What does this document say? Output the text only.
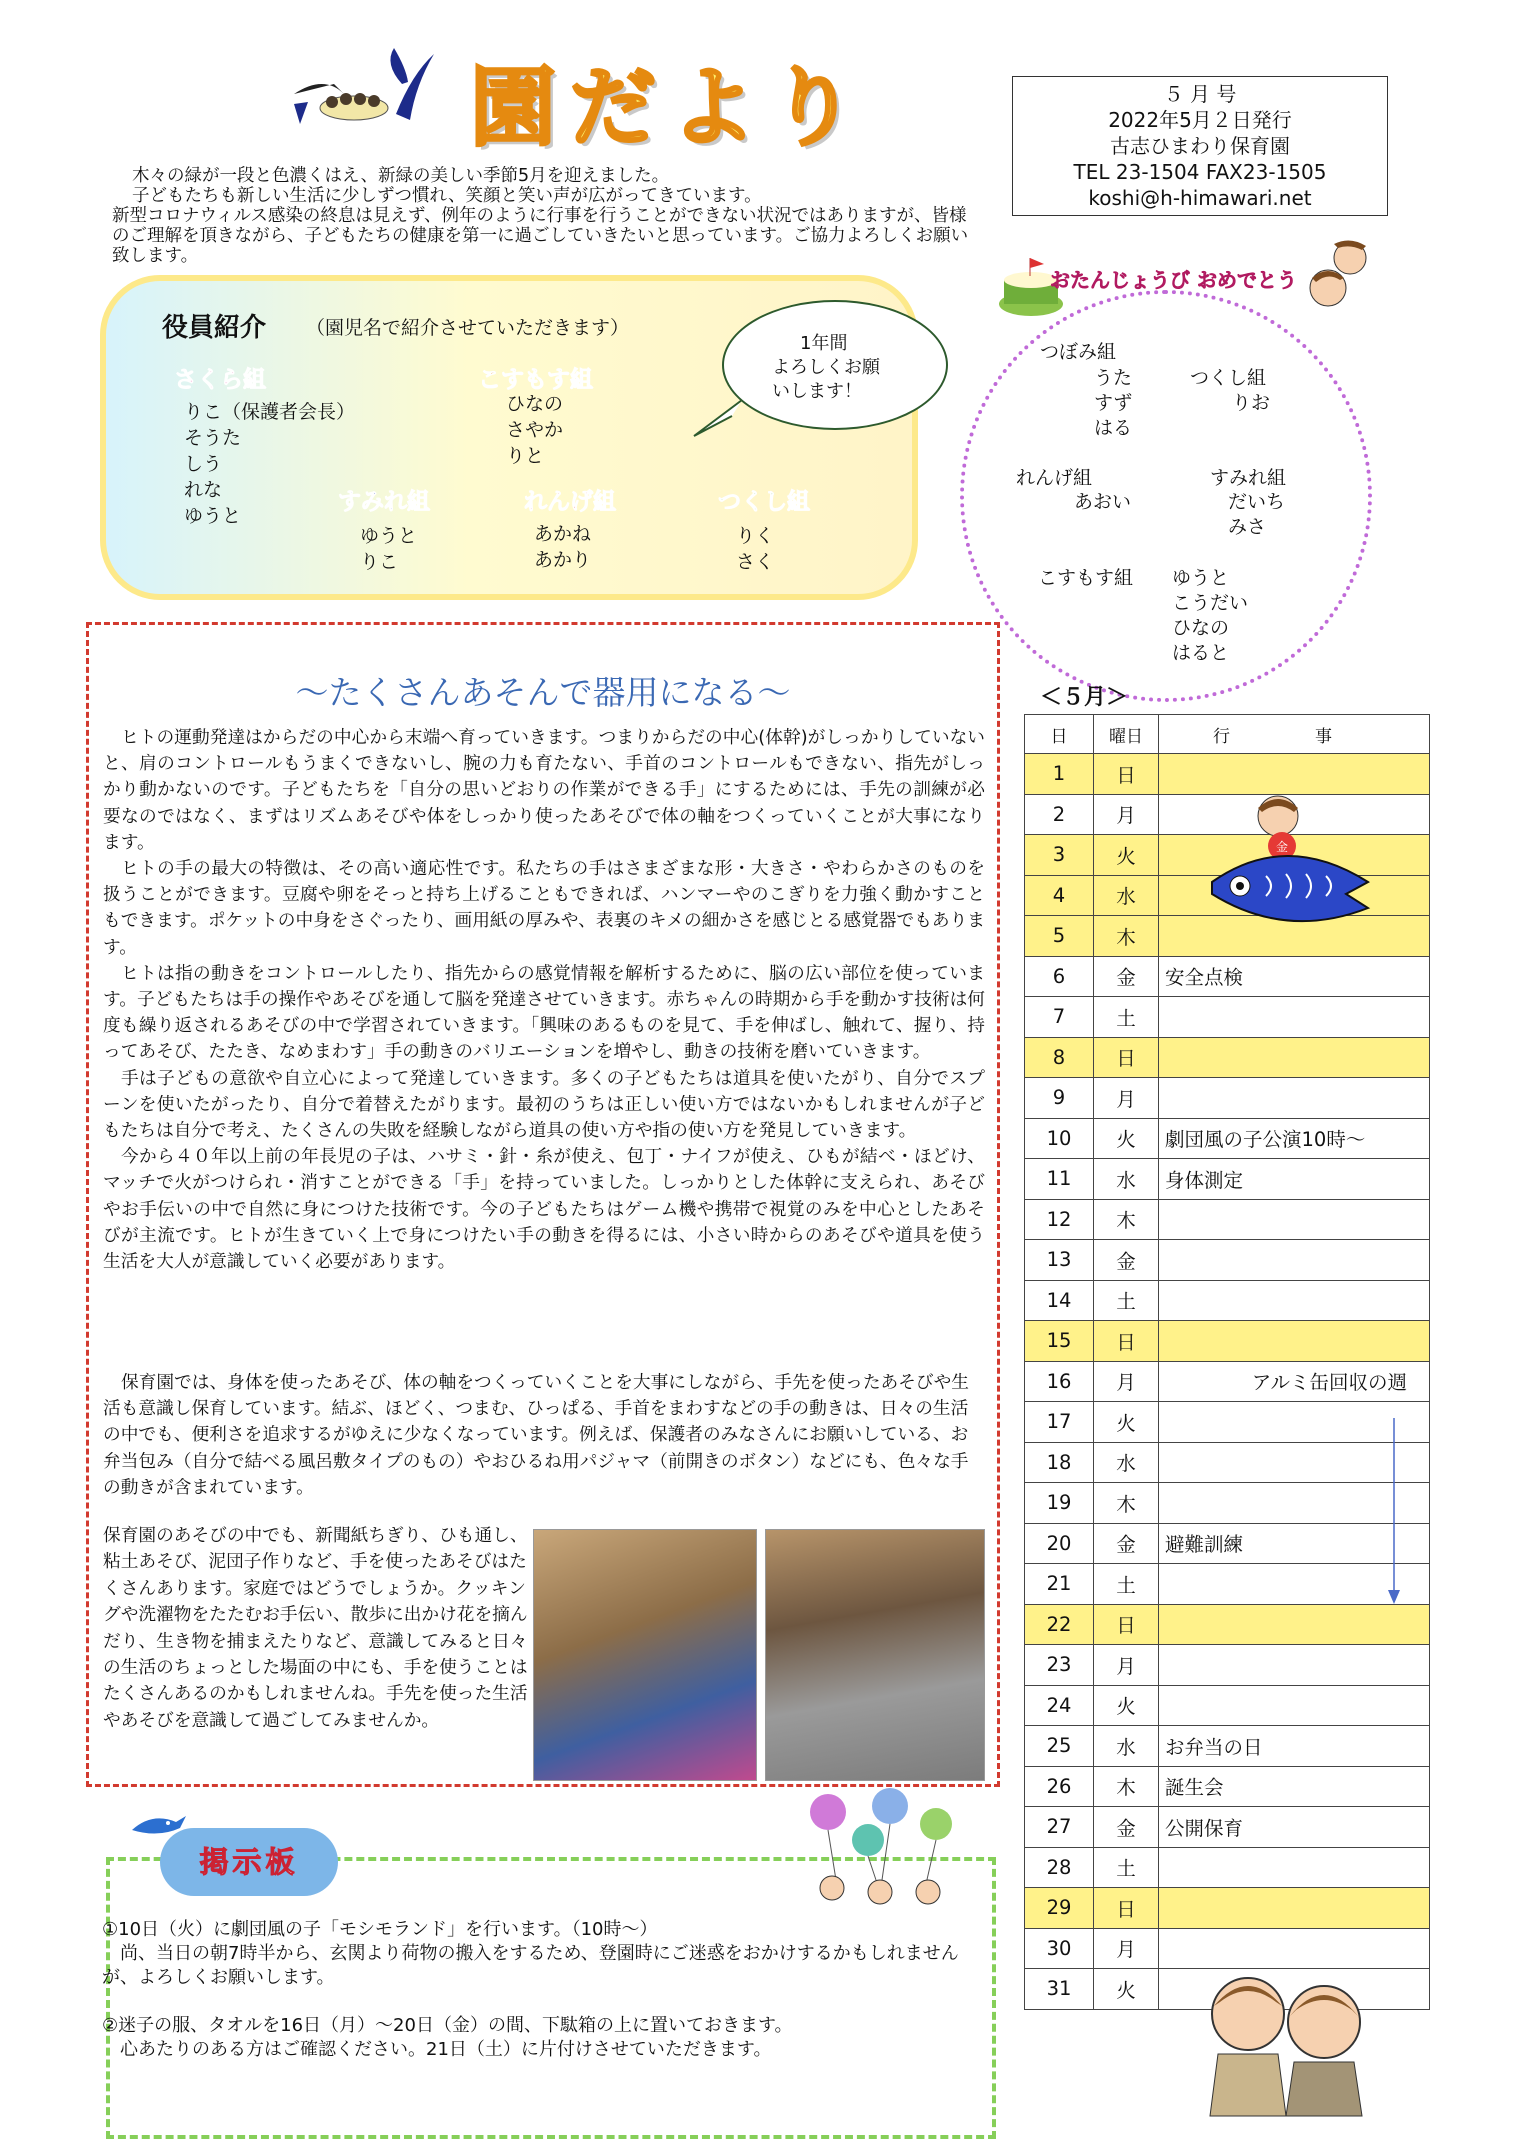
園だより	５ 月 号
2022年5月２日発行
古志ひまわり保育園
TEL 23-1504 FAX23-1505
koshi@h-himawari.net

木々の緑が一段と色濃くはえ、新緑の美しい季節5月を迎えました。

子どもたちも新しい生活に少しずつ慣れ、笑顔と笑い声が広がってきています。

新型コロナウィルス感染の終息は見えず、例年のように行事を行うことができない状況ではありますが、皆様のご理解を頂きながら、子どもたちの健康を第一に過ごしていきたいと思っています。ご協力よろしくお願い致します。

役員紹介 （園児名で紹介させていただきます）
さくら組
りこ（保護者会長）
そうた
しう
れな
ゆうと
こすもす組
ひなの
さやか
りと
すみれ組
ゆうと
りこ
れんげ組
あかね
あかり
つくし組
りく
さく
1年間
よろしくお願
いします！
おたんじょうび おめでとう
つぼみ組
うた
すず
はる
つくし組
りお
れんげ組
あおい
すみれ組
だいち
みさ
こすもす組 ゆうと
こうだい
ひなの
はると
～たくさんあそんで器用になる～

ヒトの運動発達はからだの中心から末端へ育っていきます。つまりからだの中心(体幹)がしっかりしていないと、肩のコントロールもうまくできないし、腕の力も育たない、手首のコントロールもできない、指先がしっかり動かないのです。子どもたちを「自分の思いどおりの作業ができる手」にするためには、手先の訓練が必要なのではなく、まずはリズムあそびや体をしっかり使ったあそびで体の軸をつくっていくことが大事になります。

ヒトの手の最大の特徴は、その高い適応性です。私たちの手はさまざまな形・大きさ・やわらかさのものを扱うことができます。豆腐や卵をそっと持ち上げることもできれば、ハンマーやのこぎりを力強く動かすこともできます。ポケットの中身をさぐったり、画用紙の厚みや、表裏のキメの細かさを感じとる感覚器でもあります。

ヒトは指の動きをコントロールしたり、指先からの感覚情報を解析するために、脳の広い部位を使っています。子どもたちは手の操作やあそびを通して脳を発達させていきます。赤ちゃんの時期から手を動かす技術は何度も繰り返されるあそびの中で学習されていきます。「興味のあるものを見て、手を伸ばし、触れて、握り、持ってあそび、たたき、なめまわす」手の動きのバリエーションを増やし、動きの技術を磨いていきます。

手は子どもの意欲や自立心によって発達していきます。多くの子どもたちは道具を使いたがり、自分でスプーンを使いたがったり、自分で着替えたがります。最初のうちは正しい使い方ではないかもしれませんが子どもたちは自分で考え、たくさんの失敗を経験しながら道具の使い方や指の使い方を発見していきます。

今から４０年以上前の年長児の子は、ハサミ・針・糸が使え、包丁・ナイフが使え、ひもが結べ・ほどけ、マッチで火がつけられ・消すことができる「手」を持っていました。しっかりとした体幹に支えられ、あそびやお手伝いの中で自然に身につけた技術です。今の子どもたちはゲーム機や携帯で視覚のみを中心としたあそびが主流です。ヒトが生きていく上で身につけたい手の動きを得るには、小さい時からのあそびや道具を使う生活を大人が意識していく必要があります。

保育園では、身体を使ったあそび、体の軸をつくっていくことを大事にしながら、手先を使ったあそびや生活も意識し保育しています。結ぶ、ほどく、つまむ、ひっぱる、手首をまわすなどの手の動きは、日々の生活の中でも、便利さを追求するがゆえに少なくなっています。例えば、保護者のみなさんにお願いしている、お弁当包み（自分で結べる風呂敷タイプのもの）やおひるね用パジャマ（前開きのボタン）などにも、色々な手の動きが含まれています。

保育園のあそびの中でも、新聞紙ちぎり、ひも通し、粘土あそび、泥団子作りなど、手を使ったあそびはたくさんあります。家庭ではどうでしょうか。クッキングや洗濯物をたたむお手伝い、散歩に出かけ花を摘んだり、生き物を捕まえたりなど、意識してみると日々の生活のちょっとした場面の中にも、手を使うことはたくさんあるのかもしれませんね。手先を使った生活やあそびを意識して過ごしてみませんか。
＜５月＞
日	曜日	行　　　　　事
1	日	
2	月	
3	火	
4	水	
5	木	
6	金	安全点検
7	土	
8	日	
9	月	
10	火	劇団風の子公演10時～
11	水	身体測定
12	木	
13	金	
14	土	
15	日	
16	月	アルミ缶回収の週
17	火	
18	水	
19	木	
20	金	避難訓練
21	土	
22	日	
23	月	
24	火	
25	水	お弁当の日
26	木	誕生会
27	金	公開保育
28	土	
29	日	
30	月	
31	火	
金
掲示板

①10日（火）に劇団風の子「モシモランド」を行います。（10時～）

　尚、当日の朝7時半から、玄関より荷物の搬入をするため、登園時にご迷惑をおかけするかもしれませんが、よろしくお願いします。

②迷子の服、タオルを16日（月）～20日（金）の間、下駄箱の上に置いておきます。

　心あたりのある方はご確認ください。21日（土）に片付けさせていただきます。
